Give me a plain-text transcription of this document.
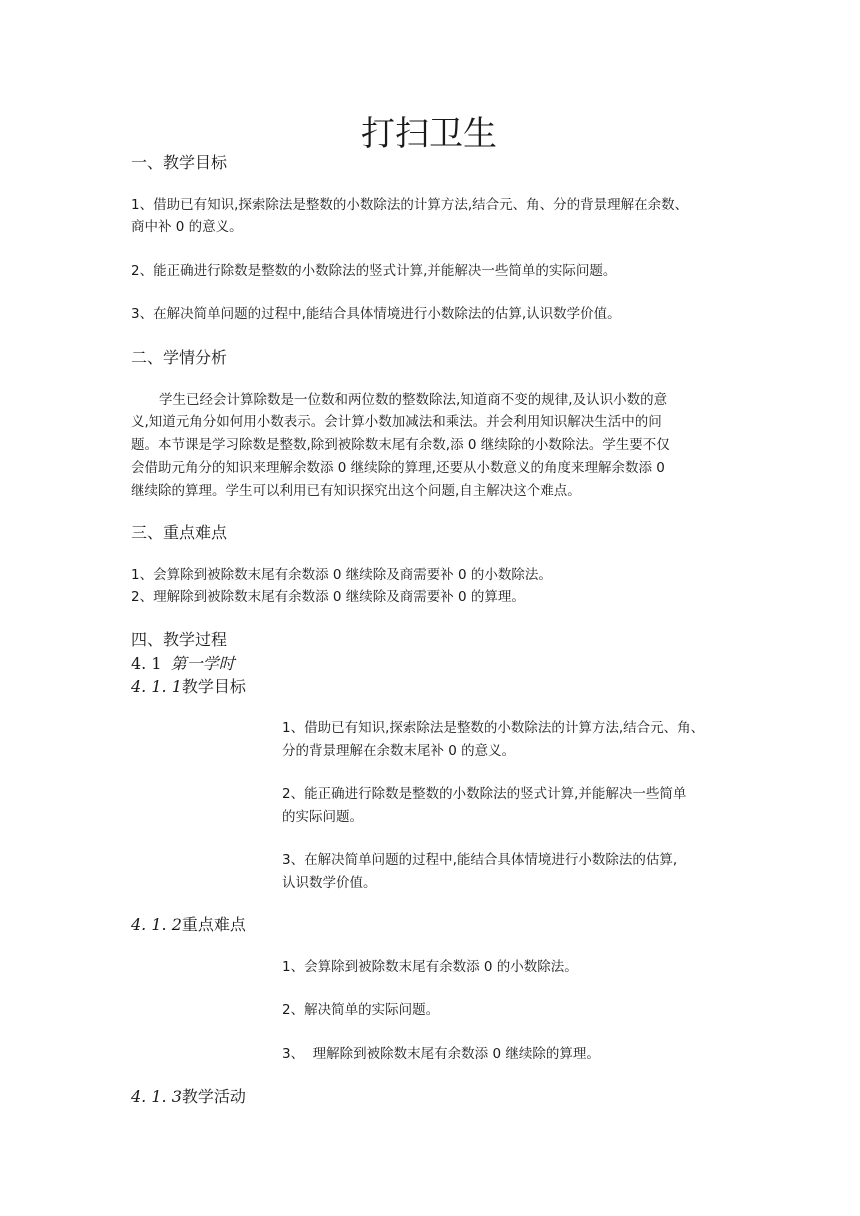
打扫卫生
一、教学目标
1、借助已有知识,探索除法是整数的小数除法的计算方法,结合元、角、分的背景理解在余数、
商中补 0 的意义。
2、能正确进行除数是整数的小数除法的竖式计算,并能解决一些简单的实际问题。
3、在解决简单问题的过程中,能结合具体情境进行小数除法的估算,认识数学价值。
二、学情分析
学生已经会计算除数是一位数和两位数的整数除法,知道商不变的规律,及认识小数的意
义,知道元角分如何用小数表示。会计算小数加减法和乘法。并会利用知识解决生活中的问
题。本节课是学习除数是整数,除到被除数末尾有余数,添 0 继续除的小数除法。学生要不仅
会借助元角分的知识来理解余数添 0 继续除的算理,还要从小数意义的角度来理解余数添 0
继续除的算理。学生可以利用已有知识探究出这个问题,自主解决这个难点。
三、重点难点
1、会算除到被除数末尾有余数添 0 继续除及商需要补 0 的小数除法。
2、理解除到被除数末尾有余数添 0 继续除及商需要补 0 的算理。
四、教学过程
4. 1 第一学时
4. 1. 1教学目标
1、借助已有知识,探索除法是整数的小数除法的计算方法,结合元、角、
分的背景理解在余数末尾补 0 的意义。
2、能正确进行除数是整数的小数除法的竖式计算,并能解决一些简单
的实际问题。
3、在解决简单问题的过程中,能结合具体情境进行小数除法的估算,
认识数学价值。
4. 1. 2重点难点
1、会算除到被除数末尾有余数添 0 的小数除法。
2、解决简单的实际问题。
3、  理解除到被除数末尾有余数添 0 继续除的算理。
4. 1. 3教学活动
